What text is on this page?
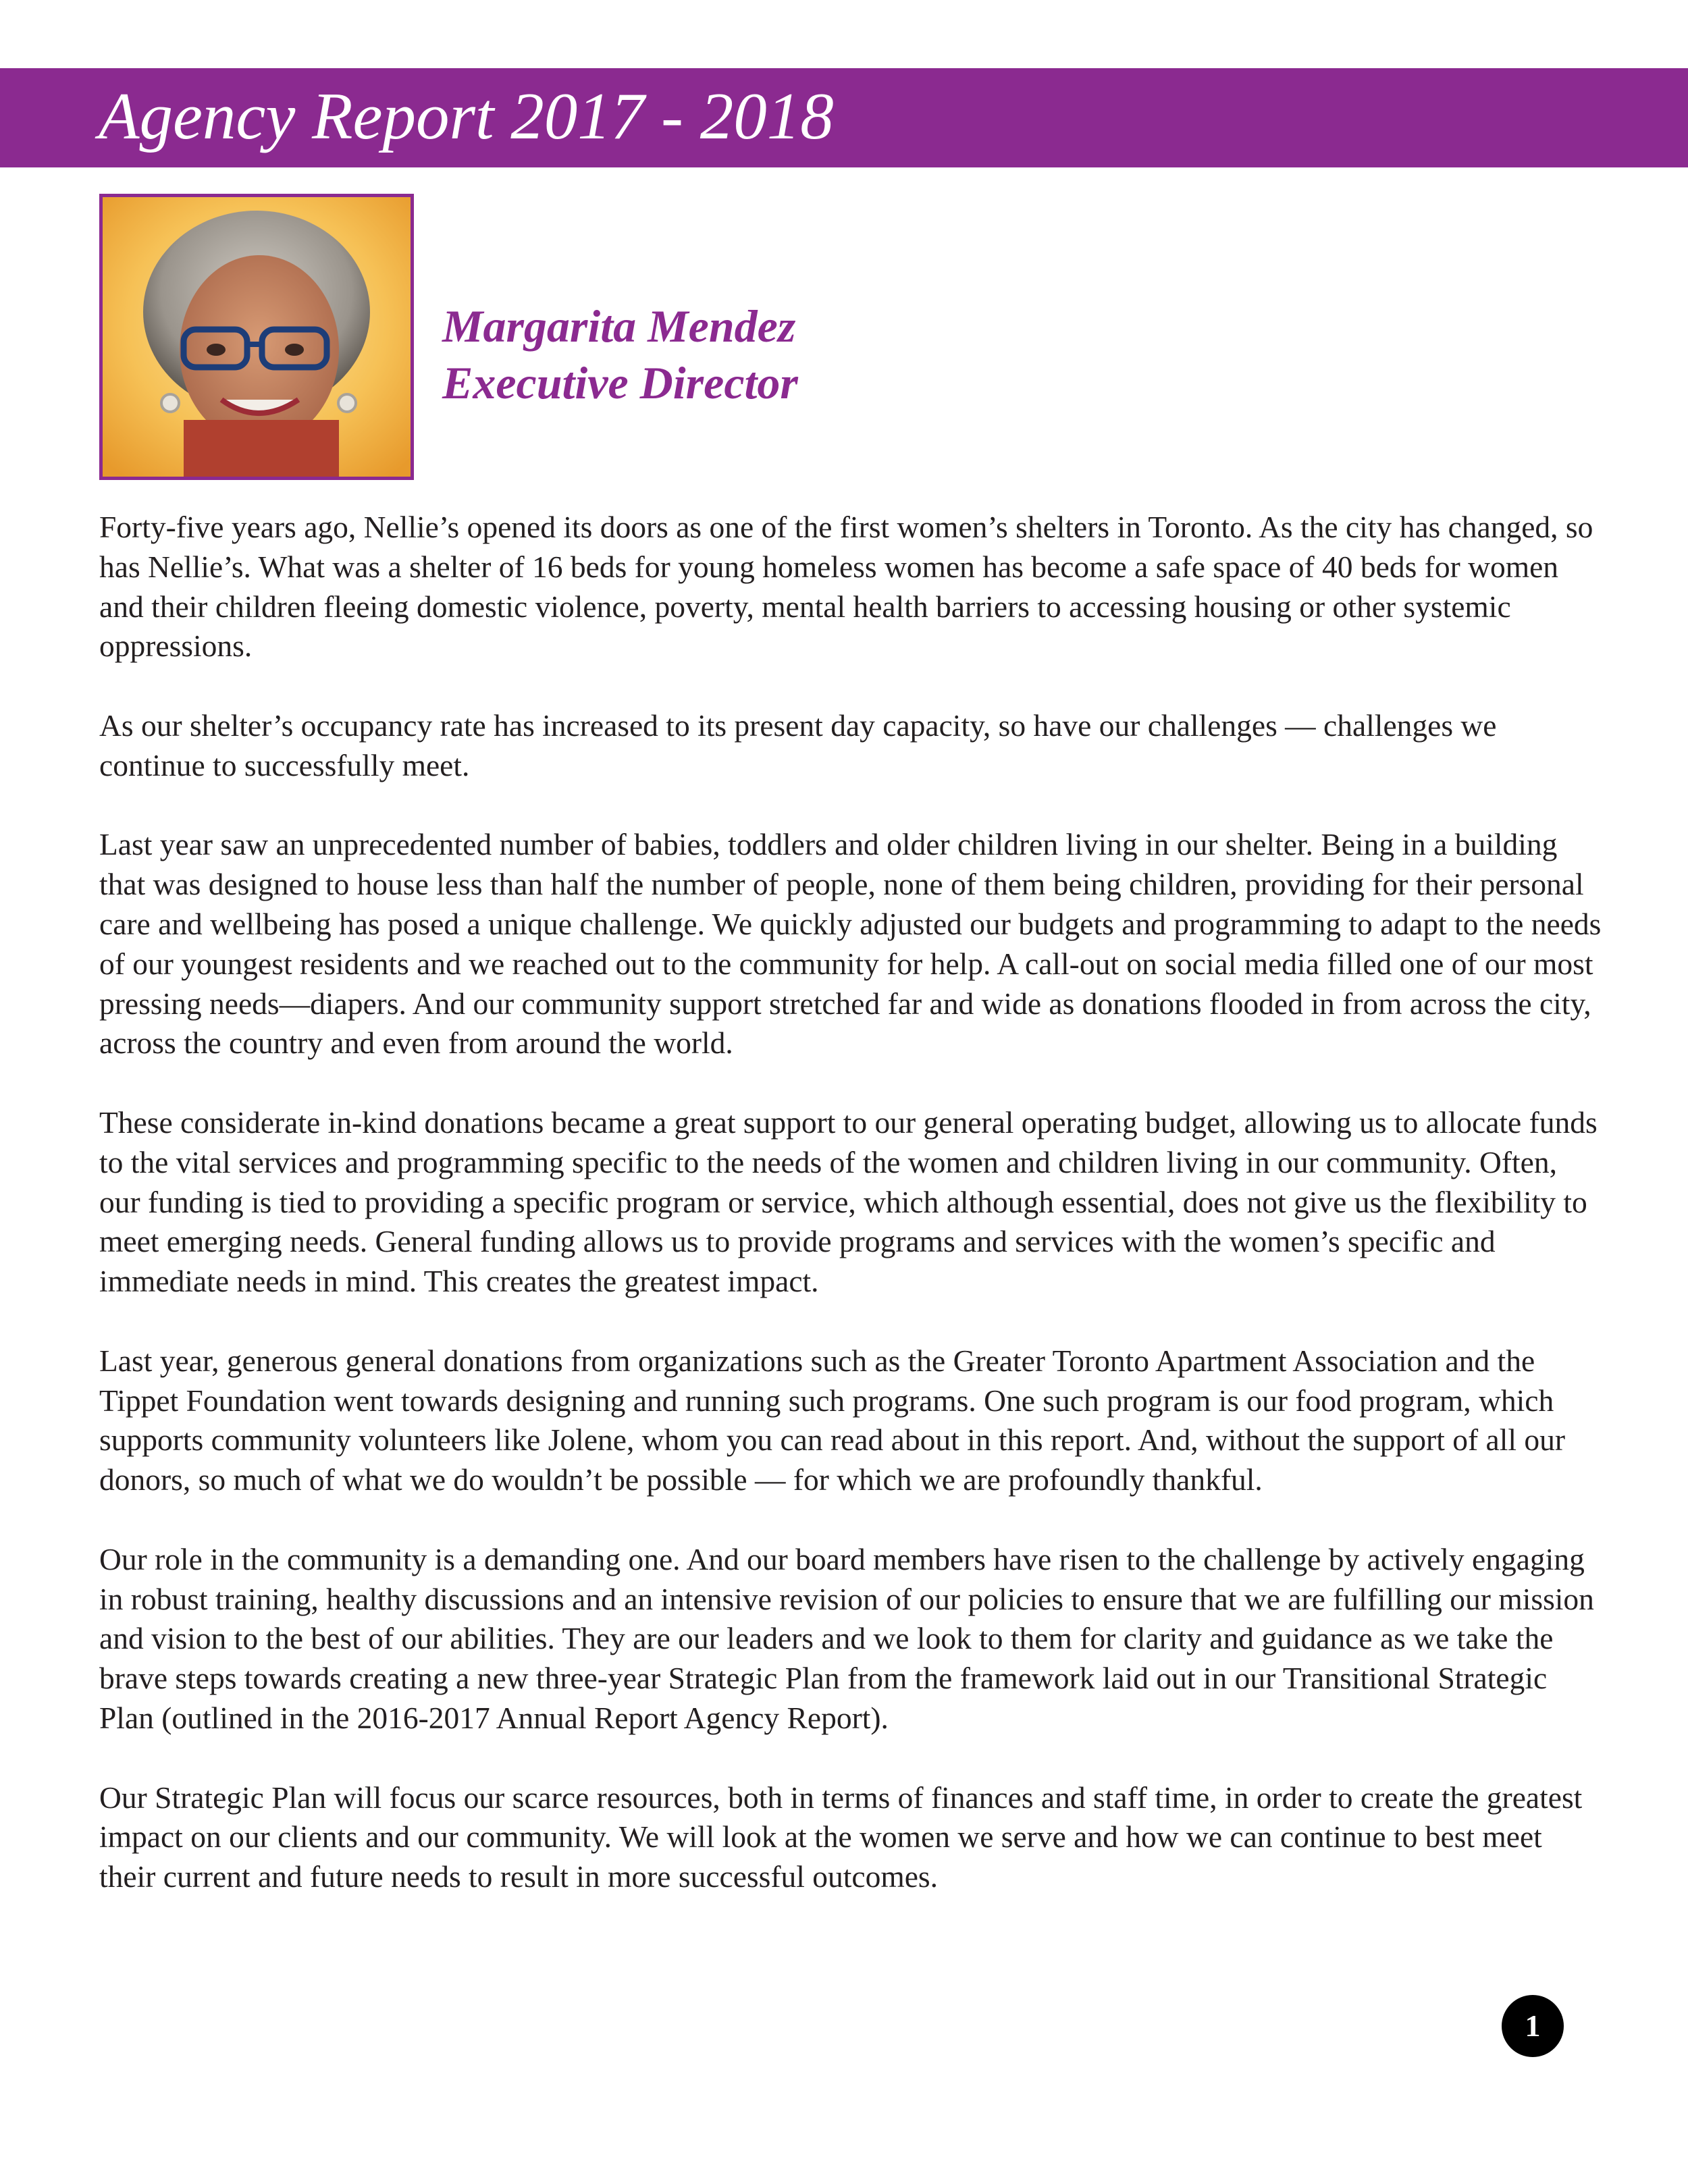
Agency Report 2017 - 2018
Margarita Mendez
Executive Director

Forty-five years ago, Nellie’s opened its doors as one of the first women’s shelters in Toronto. As the city has changed, so has Nellie’s. What was a shelter of 16 beds for young homeless women has become a safe space of 40 beds for women and their children fleeing domestic violence, poverty, mental health barriers to accessing housing or other systemic oppressions.

As our shelter’s occupancy rate has increased to its present day capacity, so have our challenges — challenges we continue to successfully meet.

Last year saw an unprecedented number of babies, toddlers and older children living in our shelter. Being in a building that was designed to house less than half the number of people, none of them being children, providing for their personal care and wellbeing has posed a unique challenge. We quickly adjusted our budgets and programming to adapt to the needs of our youngest residents and we reached out to the community for help. A call-out on social media filled one of our most pressing needs—diapers. And our community support stretched far and wide as donations flooded in from across the city, across the country and even from around the world.

These considerate in-kind donations became a great support to our general operating budget, allowing us to allocate funds to the vital services and programming specific to the needs of the women and children living in our community. Often, our funding is tied to providing a specific program or service, which although essential, does not give us the flexibility to meet emerging needs. General funding allows us to provide programs and services with the women’s specific and immediate needs in mind. This creates the greatest impact.

Last year, generous general donations from organizations such as the Greater Toronto Apartment Association and the Tippet Foundation went towards designing and running such programs. One such program is our food program, which supports community volunteers like Jolene, whom you can read about in this report. And, without the support of all our donors, so much of what we do wouldn’t be possible — for which we are profoundly thankful.

Our role in the community is a demanding one. And our board members have risen to the challenge by actively engaging in robust training, healthy discussions and an intensive revision of our policies to ensure that we are fulfilling our mission and vision to the best of our abilities. They are our leaders and we look to them for clarity and guidance as we take the brave steps towards creating a new three-year Strategic Plan from the framework laid out in our Transitional Strategic Plan (outlined in the 2016-2017 Annual Report Agency Report).

Our Strategic Plan will focus our scarce resources, both in terms of finances and staff time, in order to create the greatest impact on our clients and our community. We will look at the women we serve and how we can continue to best meet their current and future needs to result in more successful outcomes.

1
